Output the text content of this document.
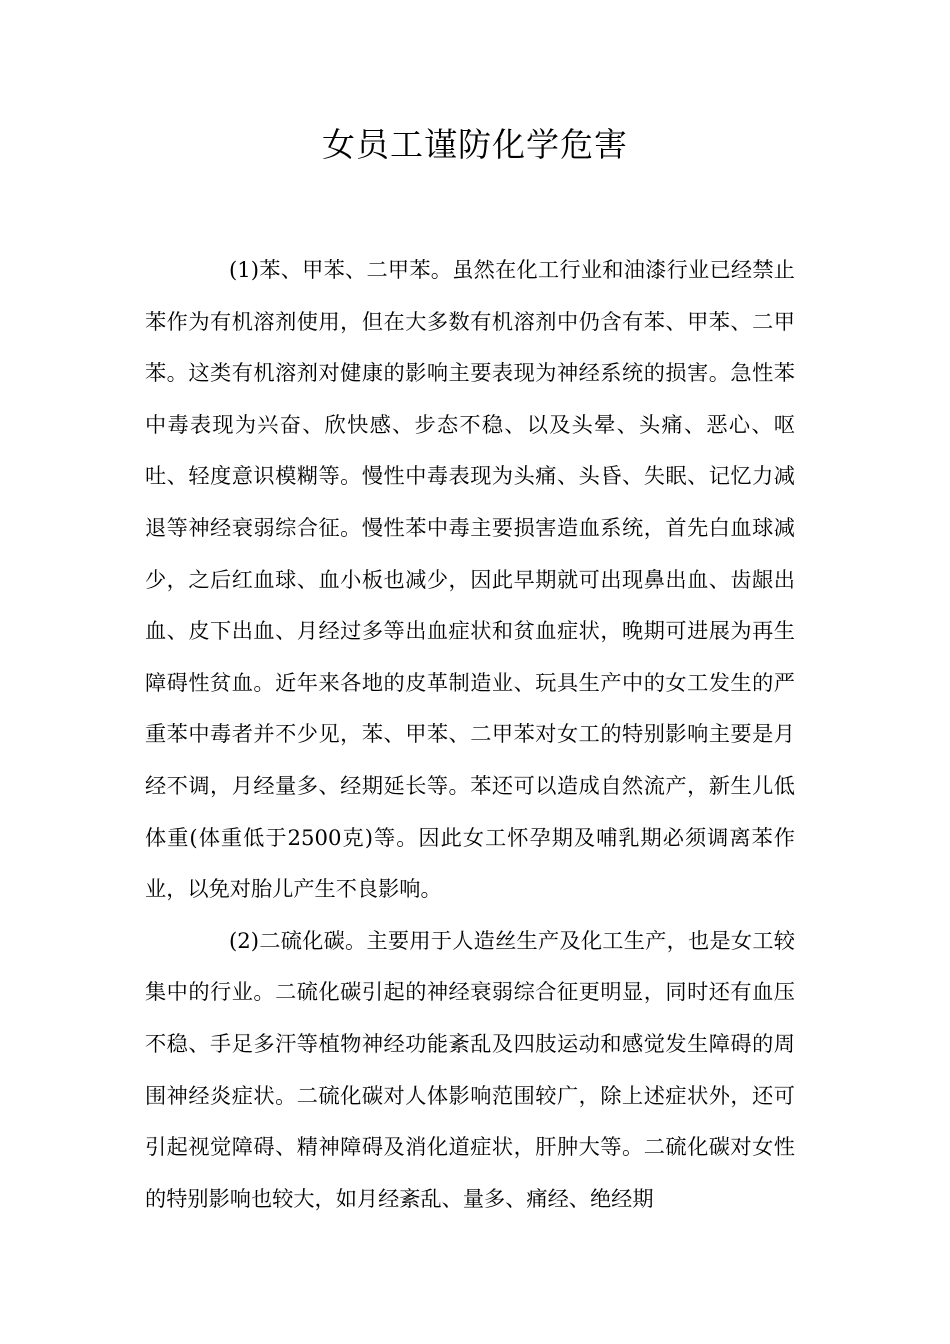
女员工谨防化学危害

(1)苯、甲苯、二甲苯。虽然在化工行业和油漆行业已经禁止苯作为有机溶剂使用，但在大多数有机溶剂中仍含有苯、甲苯、二甲苯。这类有机溶剂对健康的影响主要表现为神经系统的损害。急性苯中毒表现为兴奋、欣快感、步态不稳、以及头晕、头痛、恶心、呕吐、轻度意识模糊等。慢性中毒表现为头痛、头昏、失眠、记忆力减退等神经衰弱综合征。慢性苯中毒主要损害造血系统，首先白血球减少，之后红血球、血小板也减少，因此早期就可出现鼻出血、齿龈出血、皮下出血、月经过多等出血症状和贫血症状，晚期可进展为再生障碍性贫血。近年来各地的皮革制造业、玩具生产中的女工发生的严重苯中毒者并不少见，苯、甲苯、二甲苯对女工的特别影响主要是月经不调，月经量多、经期延长等。苯还可以造成自然流产，新生儿低体重(体重低于2500克)等。因此女工怀孕期及哺乳期必须调离苯作业，以免对胎儿产生不良影响。

(2)二硫化碳。主要用于人造丝生产及化工生产，也是女工较集中的行业。二硫化碳引起的神经衰弱综合征更明显，同时还有血压不稳、手足多汗等植物神经功能紊乱及四肢运动和感觉发生障碍的周围神经炎症状。二硫化碳对人体影响范围较广，除上述症状外，还可引起视觉障碍、精神障碍及消化道症状，肝肿大等。二硫化碳对女性的特别影响也较大，如月经紊乱、量多、痛经、绝经期
